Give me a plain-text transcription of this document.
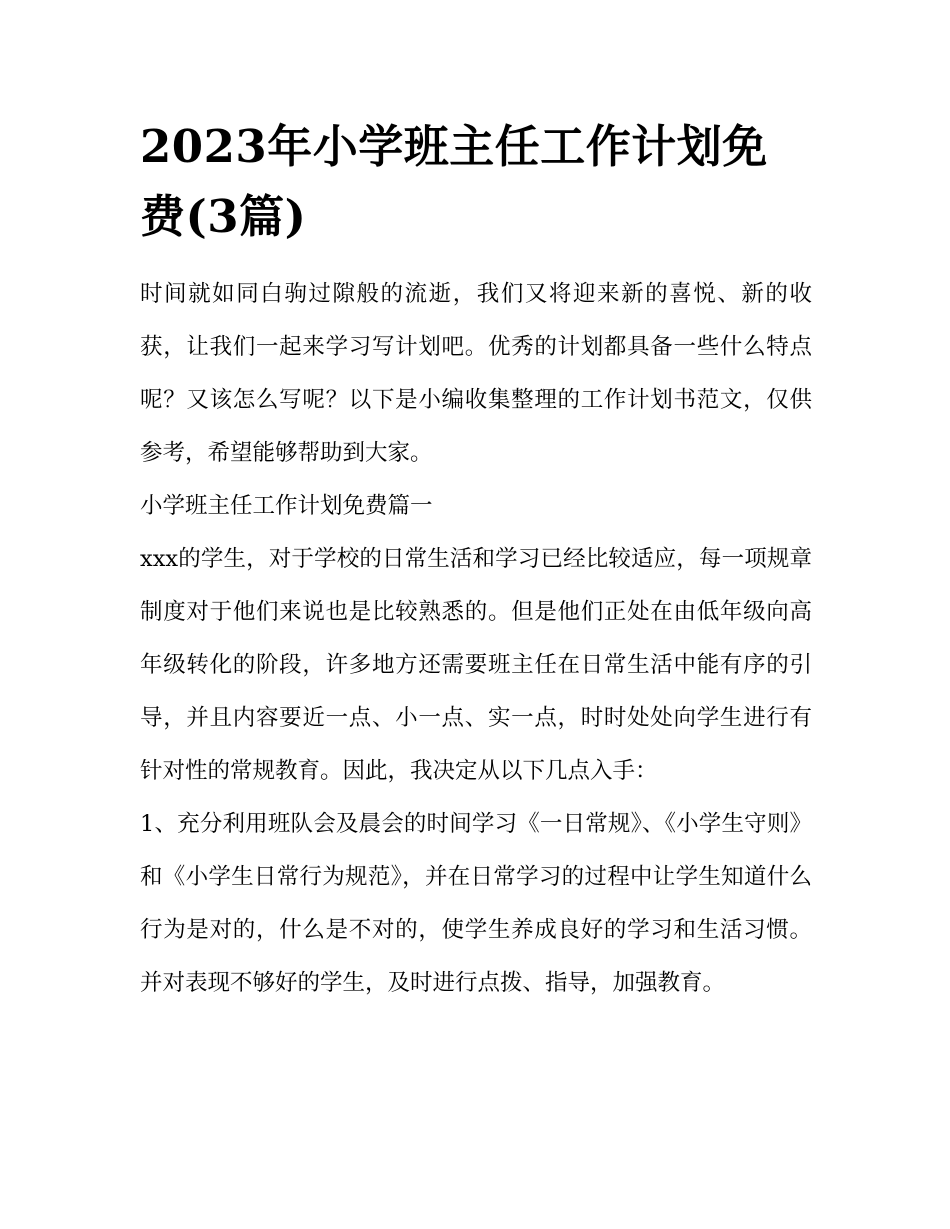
2023年小学班主任工作计划免费(3篇)

时间就如同白驹过隙般的流逝，我们又将迎来新的喜悦、新的收获，让我们一起来学习写计划吧。优秀的计划都具备一些什么特点呢？又该怎么写呢？以下是小编收集整理的工作计划书范文，仅供参考，希望能够帮助到大家。

小学班主任工作计划免费篇一

xxx的学生，对于学校的日常生活和学习已经比较适应，每一项规章制度对于他们来说也是比较熟悉的。但是他们正处在由低年级向高年级转化的阶段，许多地方还需要班主任在日常生活中能有序的引导，并且内容要近一点、小一点、实一点，时时处处向学生进行有针对性的常规教育。因此，我决定从以下几点入手：

1、充分利用班队会及晨会的时间学习《一日常规》、《小学生守则》和《小学生日常行为规范》，并在日常学习的过程中让学生知道什么行为是对的，什么是不对的，使学生养成良好的学习和生活习惯。并对表现不够好的学生，及时进行点拨、指导，加强教育。
